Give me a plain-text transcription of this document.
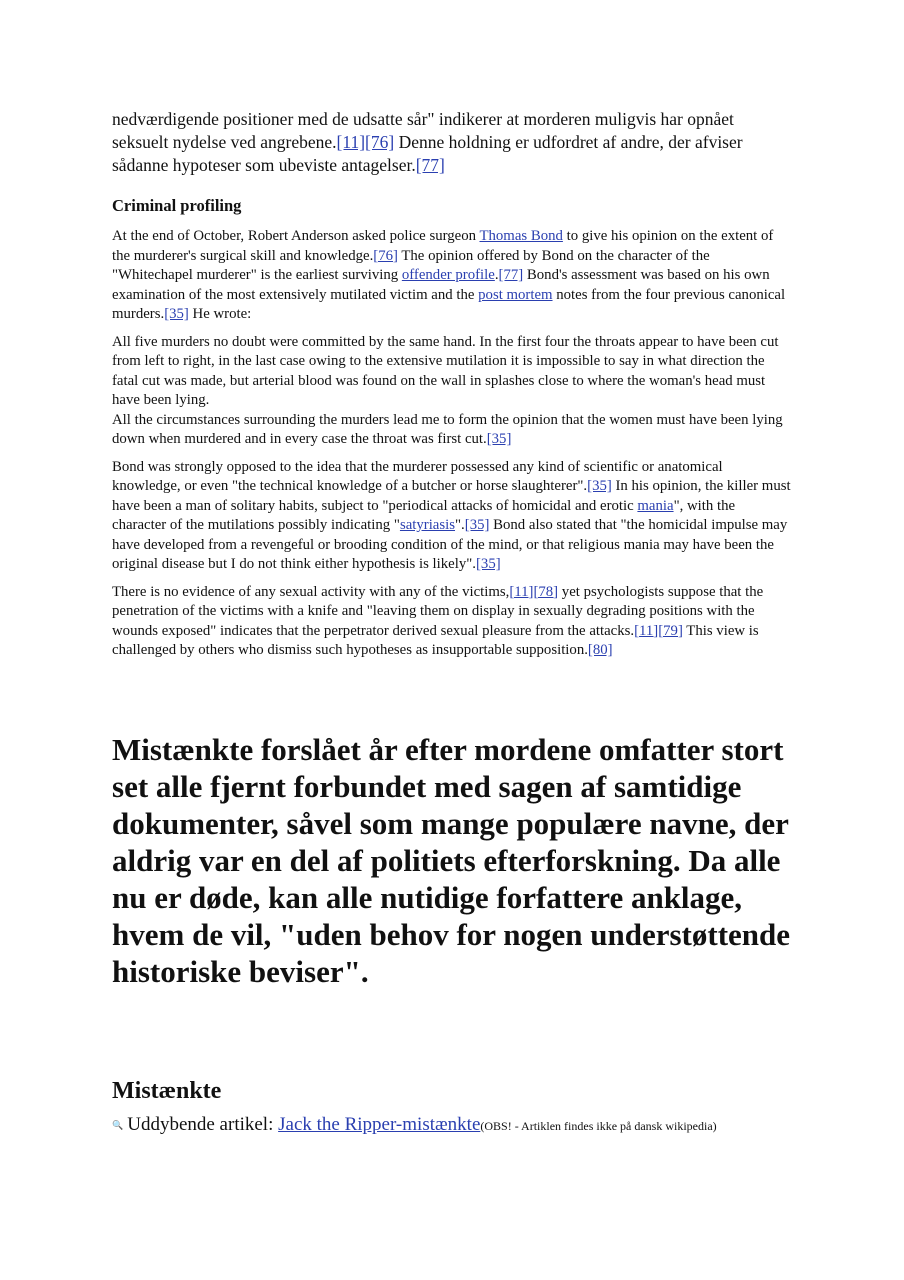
nedværdigende positioner med de udsatte sår" indikerer at morderen muligvis har opnået seksuelt nydelse ved angrebene.[11][76] Denne holdning er udfordret af andre, der afviser sådanne hypoteser som ubeviste antagelser.[77]

Criminal profiling

At the end of October, Robert Anderson asked police surgeon Thomas Bond to give his opinion on the extent of the murderer's surgical skill and knowledge.[76] The opinion offered by Bond on the character of the "Whitechapel murderer" is the earliest surviving offender profile.[77] Bond's assessment was based on his own examination of the most extensively mutilated victim and the post mortem notes from the four previous canonical murders.[35] He wrote:

All five murders no doubt were committed by the same hand. In the first four the throats appear to have been cut from left to right, in the last case owing to the extensive mutilation it is impossible to say in what direction the fatal cut was made, but arterial blood was found on the wall in splashes close to where the woman's head must have been lying.
All the circumstances surrounding the murders lead me to form the opinion that the women must have been lying down when murdered and in every case the throat was first cut.[35]

Bond was strongly opposed to the idea that the murderer possessed any kind of scientific or anatomical knowledge, or even "the technical knowledge of a butcher or horse slaughterer".[35] In his opinion, the killer must have been a man of solitary habits, subject to "periodical attacks of homicidal and erotic mania", with the character of the mutilations possibly indicating "satyriasis".[35] Bond also stated that "the homicidal impulse may have developed from a revengeful or brooding condition of the mind, or that religious mania may have been the original disease but I do not think either hypothesis is likely".[35]

There is no evidence of any sexual activity with any of the victims,[11][78] yet psychologists suppose that the penetration of the victims with a knife and "leaving them on display in sexually degrading positions with the wounds exposed" indicates that the perpetrator derived sexual pleasure from the attacks.[11][79] This view is challenged by others who dismiss such hypotheses as insupportable supposition.[80]

Mistænkte forslået år efter mordene omfatter stort set alle fjernt forbundet med sagen af samtidige dokumenter, såvel som mange populære navne, der aldrig var en del af politiets efterforskning. Da alle nu er døde, kan alle nutidige forfattere anklage, hvem de vil, "uden behov for nogen understøttende historiske beviser".
Mistænkte
🔍 Uddybende artikel:
Jack the Ripper-mistænkte (OBS! - Artiklen findes ikke på dansk wikipedia)
